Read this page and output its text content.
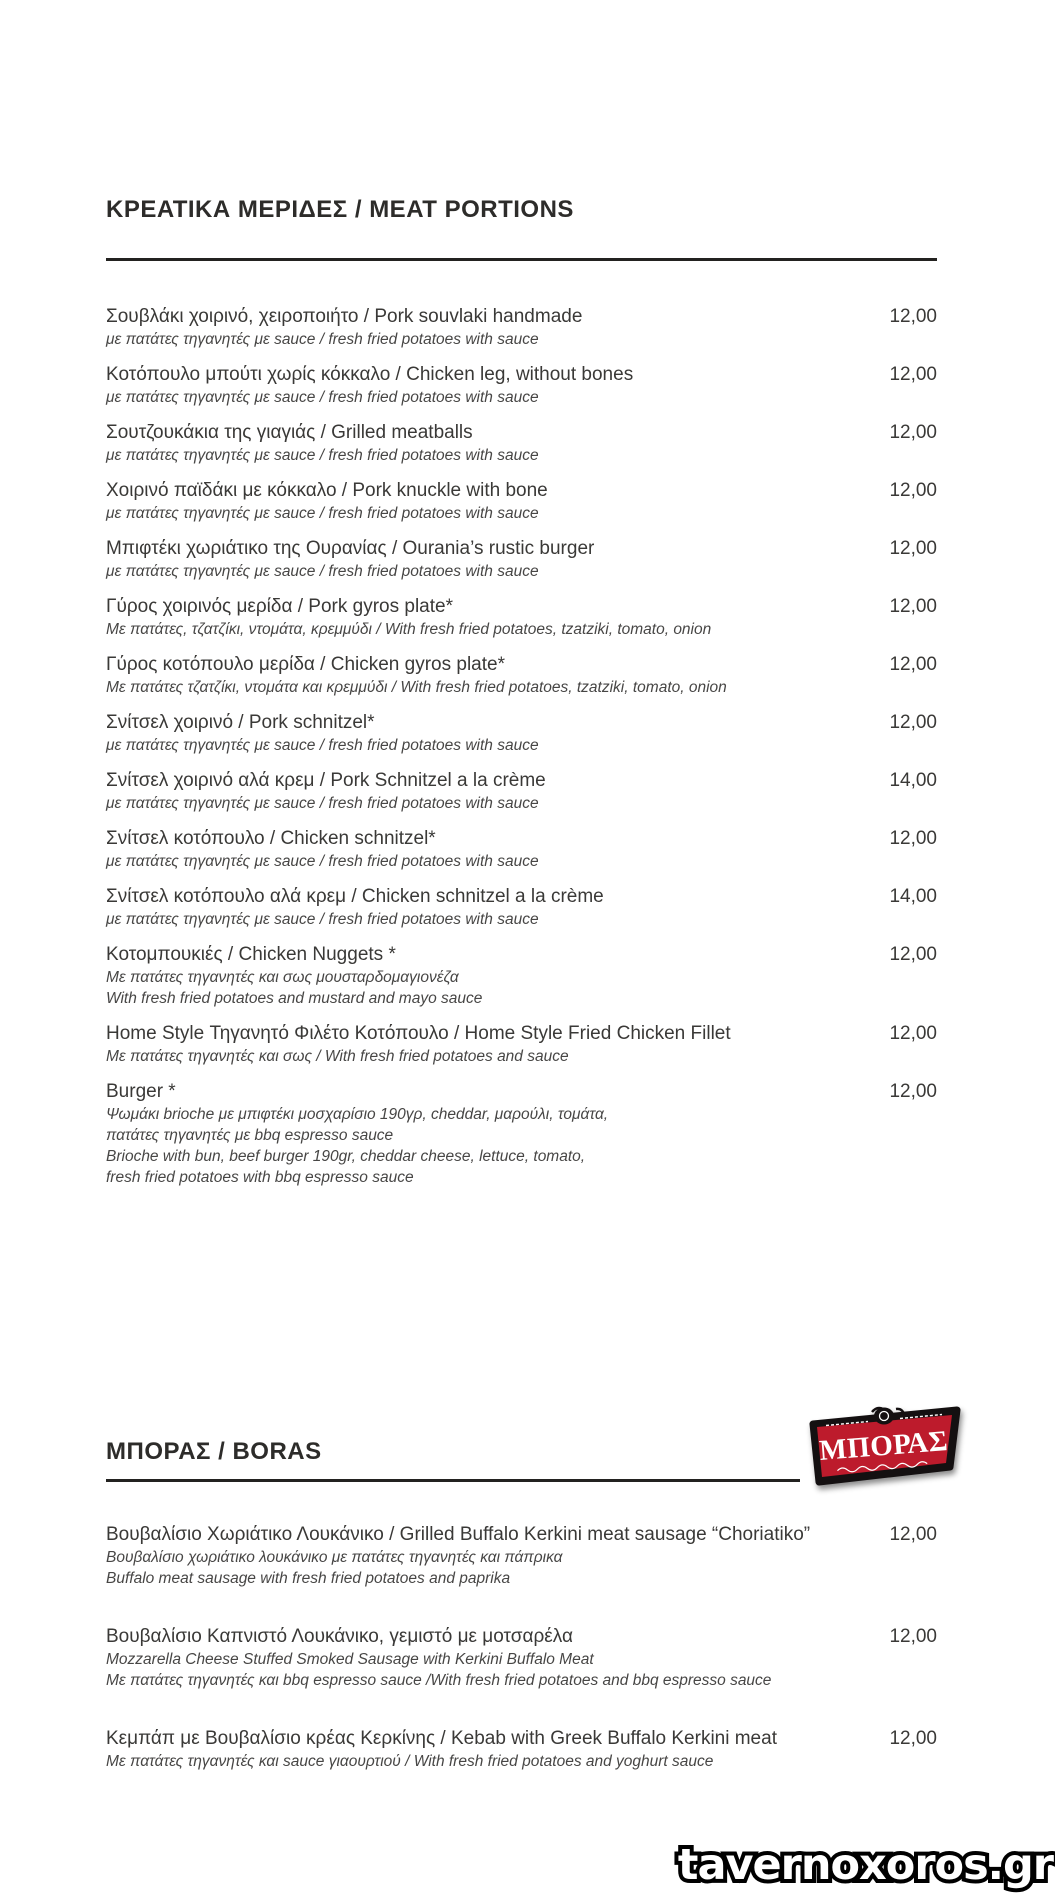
ΚΡΕΑΤΙΚΑ ΜΕΡΙΔΕΣ / MEAT PORTIONS
Σουβλάκι χοιρινό, χειροποιήτο / Pork souvlaki handmade	12,00
με πατάτες τηγανητές με sauce / fresh fried potatoes with sauce
Κοτόπουλο μπούτι χωρίς κόκκαλο / Chicken leg, without bones	12,00
με πατάτες τηγανητές με sauce / fresh fried potatoes with sauce
Σουτζουκάκια της γιαγιάς / Grilled meatballs	12,00
με πατάτες τηγανητές με sauce / fresh fried potatoes with sauce
Χοιρινό παϊδάκι με κόκκαλο / Pork knuckle with bone	12,00
με πατάτες τηγανητές με sauce / fresh fried potatoes with sauce
Μπιφτέκι χωριάτικο της Ουρανίας / Ourania’s rustic burger	12,00
με πατάτες τηγανητές με sauce / fresh fried potatoes with sauce
Γύρος χοιρινός μερίδα / Pork gyros plate*	12,00
Με πατάτες, τζατζίκι, ντομάτα, κρεμμύδι / With fresh fried potatoes, tzatziki, tomato, onion
Γύρος κοτόπουλο μερίδα / Chicken gyros plate*	12,00
Με πατάτες τζατζίκι, ντομάτα και κρεμμύδι / With fresh fried potatoes, tzatziki, tomato, onion
Σνίτσελ χοιρινό / Pork schnitzel*	12,00
με πατάτες τηγανητές με sauce / fresh fried potatoes with sauce
Σνίτσελ χοιρινό αλά κρεμ / Pork Schnitzel a la crème	14,00
με πατάτες τηγανητές με sauce / fresh fried potatoes with sauce
Σνίτσελ κοτόπουλο / Chicken schnitzel*	12,00
με πατάτες τηγανητές με sauce / fresh fried potatoes with sauce
Σνίτσελ κοτόπουλο αλά κρεμ / Chicken schnitzel a la crème	14,00
με πατάτες τηγανητές με sauce / fresh fried potatoes with sauce
Κοτομπουκιές / Chicken Nuggets *	12,00
Με πατάτες τηγανητές και σως μουσταρδομαγιονέζα
With fresh fried potatoes and mustard and mayo sauce
Home Style Τηγανητό Φιλέτο Κοτόπουλο / Home Style Fried Chicken Fillet	12,00
Με πατάτες τηγανητές και σως / With fresh fried potatoes and sauce
Burger *	12,00
Ψωμάκι brioche με μπιφτέκι μοσχαρίσιο 190γρ, cheddar, μαρούλι, τομάτα,
πατάτες τηγανητές με bbq espresso sauce
Brioche with bun, beef burger 190gr, cheddar cheese, lettuce, tomato,
fresh fried potatoes with bbq espresso sauce
ΜΠΟΡΑΣ / BORAS	ΜΠΟΡΑΣ
Βουβαλίσιο Χωριάτικο Λουκάνικο / Grilled Buffalo Kerkini meat sausage “Choriatiko”	12,00
Βουβαλίσιο χωριάτικο λουκάνικο με πατάτες τηγανητές και πάπρικα
Buffalo meat sausage with fresh fried potatoes and paprika
Βουβαλίσιο Καπνιστό Λουκάνικο, γεμιστό με μοτσαρέλα	12,00
Mozzarella Cheese Stuffed Smoked Sausage with Kerkini Buffalo Meat
Με πατάτες τηγανητές και bbq espresso sauce /With fresh fried potatoes and bbq espresso sauce
Κεμπάπ με Βουβαλίσιο κρέας Κερκίνης / Kebab with Greek Buffalo Kerkini meat	12,00
Με πατάτες τηγανητές και sauce γιαουρτιού / With fresh fried potatoes and yoghurt sauce
tavernoxoros.gr
